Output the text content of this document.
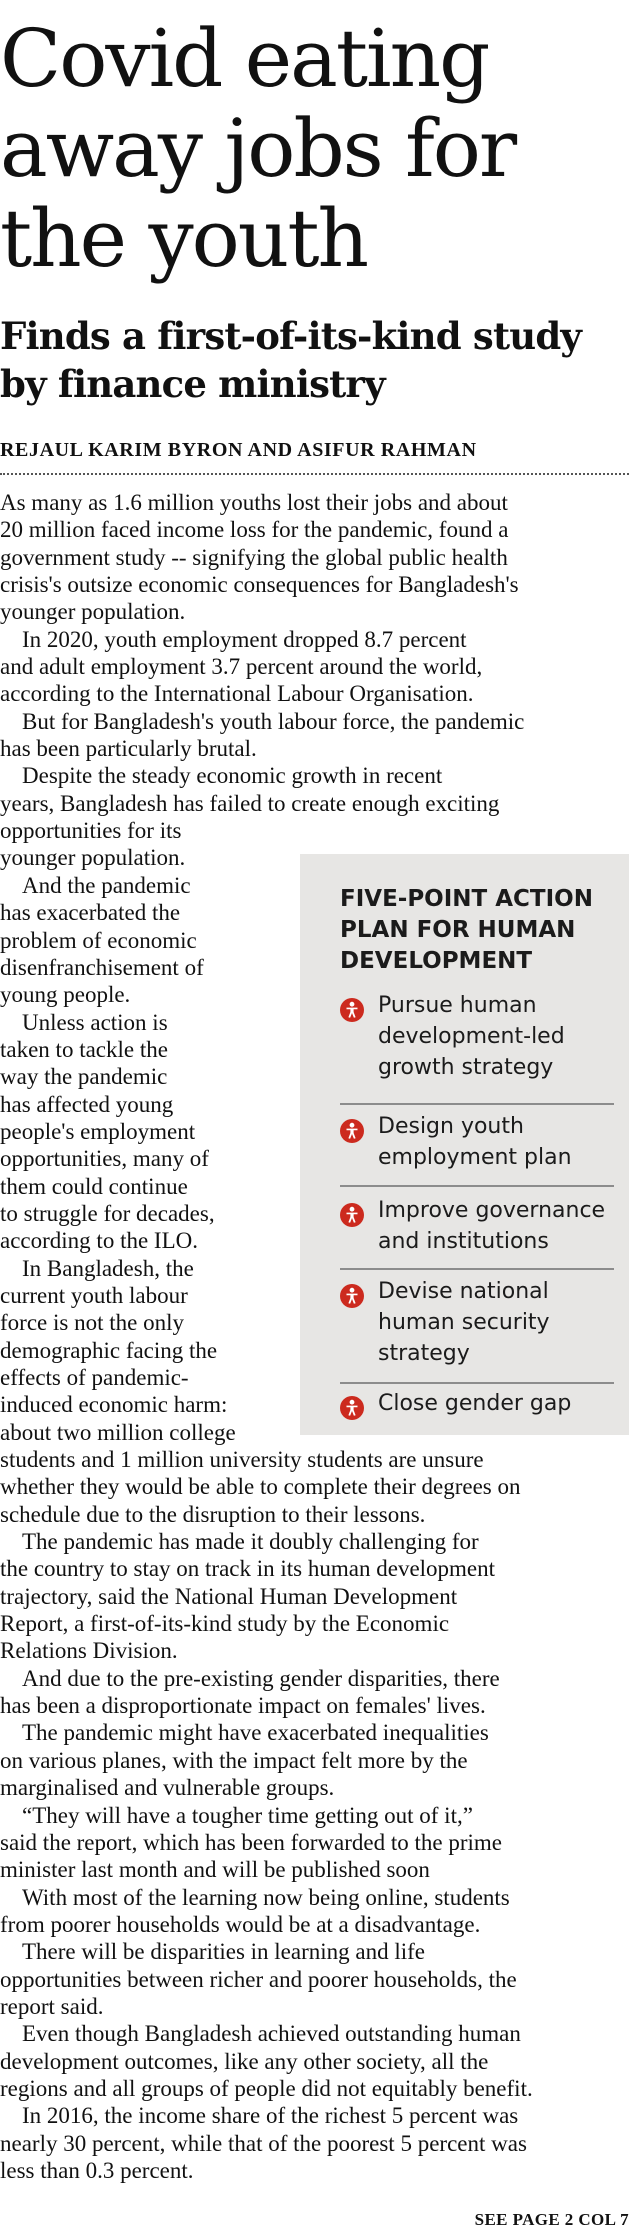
Covid eating
away jobs for
the youth
Finds a first-of-its-kind study
by finance ministry

REJAUL KARIM BYRON AND ASIFUR RAHMAN

As many as 1.6 million youths lost their jobs and about
20 million faced income loss for the pandemic, found a
government study -- signifying the global public health
crisis's outsize economic consequences for Bangladesh's
younger population.
In 2020, youth employment dropped 8.7 percent
and adult employment 3.7 percent around the world,
according to the International Labour Organisation.
But for Bangladesh's youth labour force, the pandemic
has been particularly brutal.
Despite the steady economic growth in recent
years, Bangladesh has failed to create enough exciting
opportunities for its
younger population.
And the pandemic
has exacerbated the
problem of economic
disenfranchisement of
young people.
Unless action is
taken to tackle the
way the pandemic
has affected young
people's employment
opportunities, many of
them could continue
to struggle for decades,
according to the ILO.
In Bangladesh, the
current youth labour
force is not the only
demographic facing the
effects of pandemic-
induced economic harm:
about two million college
students and 1 million university students are unsure
whether they would be able to complete their degrees on
schedule due to the disruption to their lessons.
The pandemic has made it doubly challenging for
the country to stay on track in its human development
trajectory, said the National Human Development
Report, a first-of-its-kind study by the Economic
Relations Division.
And due to the pre-existing gender disparities, there
has been a disproportionate impact on females' lives.
The pandemic might have exacerbated inequalities
on various planes, with the impact felt more by the
marginalised and vulnerable groups.
“They will have a tougher time getting out of it,”
said the report, which has been forwarded to the prime
minister last month and will be published soon
With most of the learning now being online, students
from poorer households would be at a disadvantage.
There will be disparities in learning and life
opportunities between richer and poorer households, the
report said.
Even though Bangladesh achieved outstanding human
development outcomes, like any other society, all the
regions and all groups of people did not equitably benefit.
In 2016, the income share of the richest 5 percent was
nearly 30 percent, while that of the poorest 5 percent was
less than 0.3 percent.
FIVE-POINT ACTION
PLAN FOR HUMAN
DEVELOPMENT
Pursue human
development-led
growth strategy
Design youth
employment plan
Improve governance
and institutions
Devise national
human security
strategy
Close gender gap

SEE PAGE 2 COL 7
